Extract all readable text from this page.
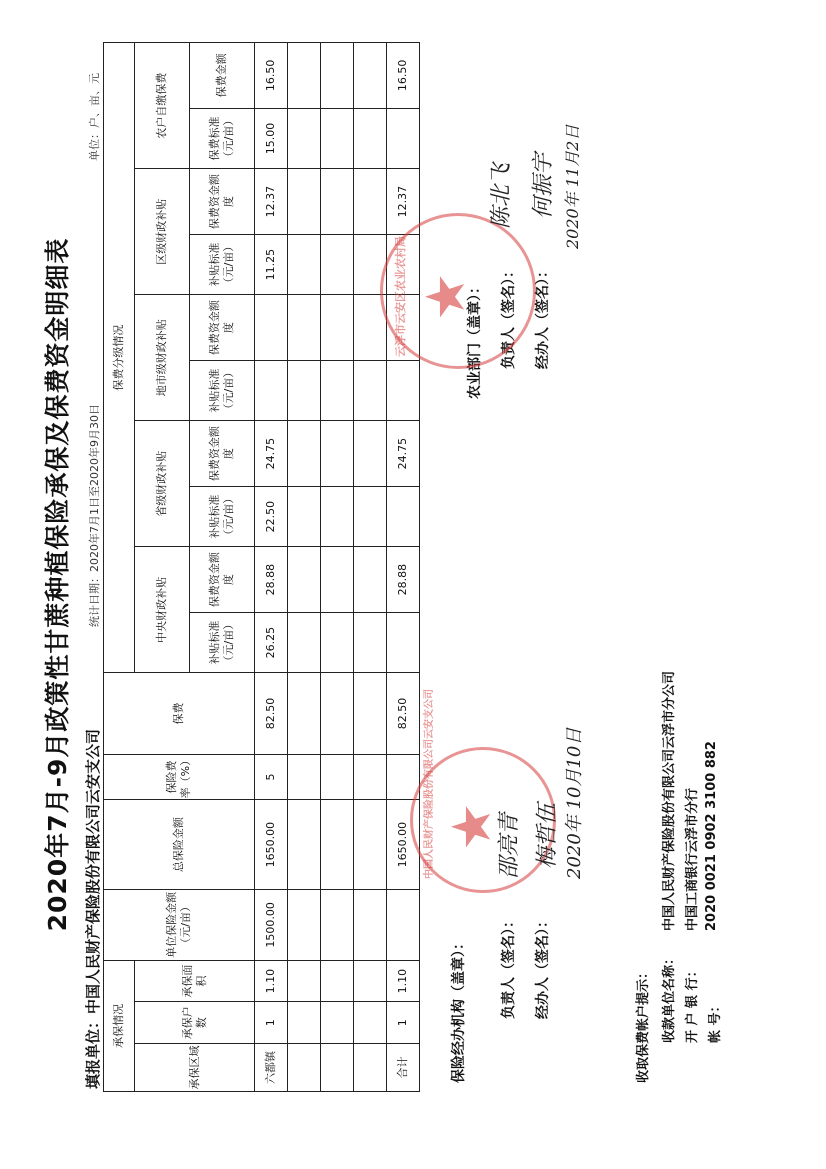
2020年7月-9月政策性甘蔗种植保险承保及保费资金明细表 填报单位：中国人民财产保险股份有限公司云安支公司
统计日期：2020年7月1日至2020年9月30日
单位：户、亩、元
承保情况			单位保险金额（元/亩）	总保险金额	保险费率（%）	保费	保费分级情况									
承保区域	承保户数	承保面积					中央财政补贴		省级财政补贴		地市级财政补贴		区级财政补贴		农户自缴保费	
							补贴标准（元/亩）	保费资金额度	补贴标准（元/亩）	保费资金额度	补贴标准（元/亩）	保费资金额度	补贴标准（元/亩）	保费资金额度	保费标准（元/亩）	保费金额
六都镇	1	1.10	1500.00	1650.00	5	82.50	26.25	28.88	22.50	24.75			11.25	12.37	15.00	16.50

合计	1	1.10		1650.00		82.50		28.88		24.75				12.37		16.50
保险经办机构（盖章）： 负责人（签名）： 经办人（签名）：
2020年 10月10日
★
中国人民财产保险股份有限公司云安支公司	邵亮青 梅哲伍
农业部门（盖章）： 负责人（签名）： 经办人（签名）：
2020年 11月2日
★
云浮市云安区农业农村局
陈北飞 何振宇
收取保费帐户提示： 收款单位名称：
中国人民财产保险股份有限公司云浮市分公司
开 户 银 行：
中国工商银行云浮市分行
帐 号：
2020 0021 0902 3100 882
